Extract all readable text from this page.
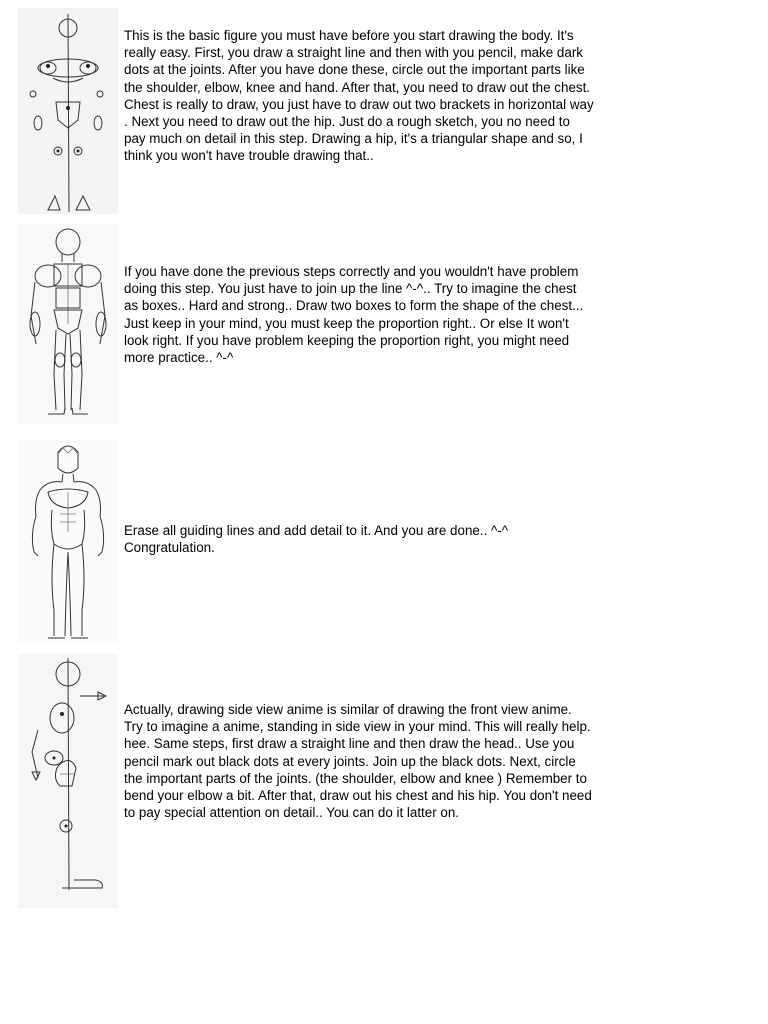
This is the basic figure you must have before you start drawing the body. It's really easy. First, you draw a straight line and then with you pencil, make dark dots at the joints. After you have done these, circle out the important parts like the shoulder, elbow, knee and hand. After that, you need to draw out the chest. Chest is really to draw, you just have to draw out two brackets in horizontal way . Next you need to draw out the hip. Just do a rough sketch, you no need to pay much on detail in this step. Drawing a hip, it's a triangular shape and so, I think you won't have trouble drawing that..

If you have done the previous steps correctly and you wouldn't have problem doing this step. You just have to join up the line ^-^.. Try to imagine the chest as boxes.. Hard and strong.. Draw two boxes to form the shape of the chest... Just keep in your mind, you must keep the proportion right.. Or else It won't look right. If you have problem keeping the proportion right, you might need more practice.. ^-^

Erase all guiding lines and add detail to it. And you are done.. ^-^ Congratulation.

Actually, drawing side view anime is similar of drawing the front view anime. Try to imagine a anime, standing in side view in your mind. This will really help. hee. Same steps, first draw a straight line and then draw the head.. Use you pencil mark out black dots at every joints. Join up the black dots. Next, circle the important parts of the joints. (the shoulder, elbow and knee ) Remember to bend your elbow a bit. After that, draw out his chest and his hip. You don't need to pay special attention on detail.. You can do it latter on.
